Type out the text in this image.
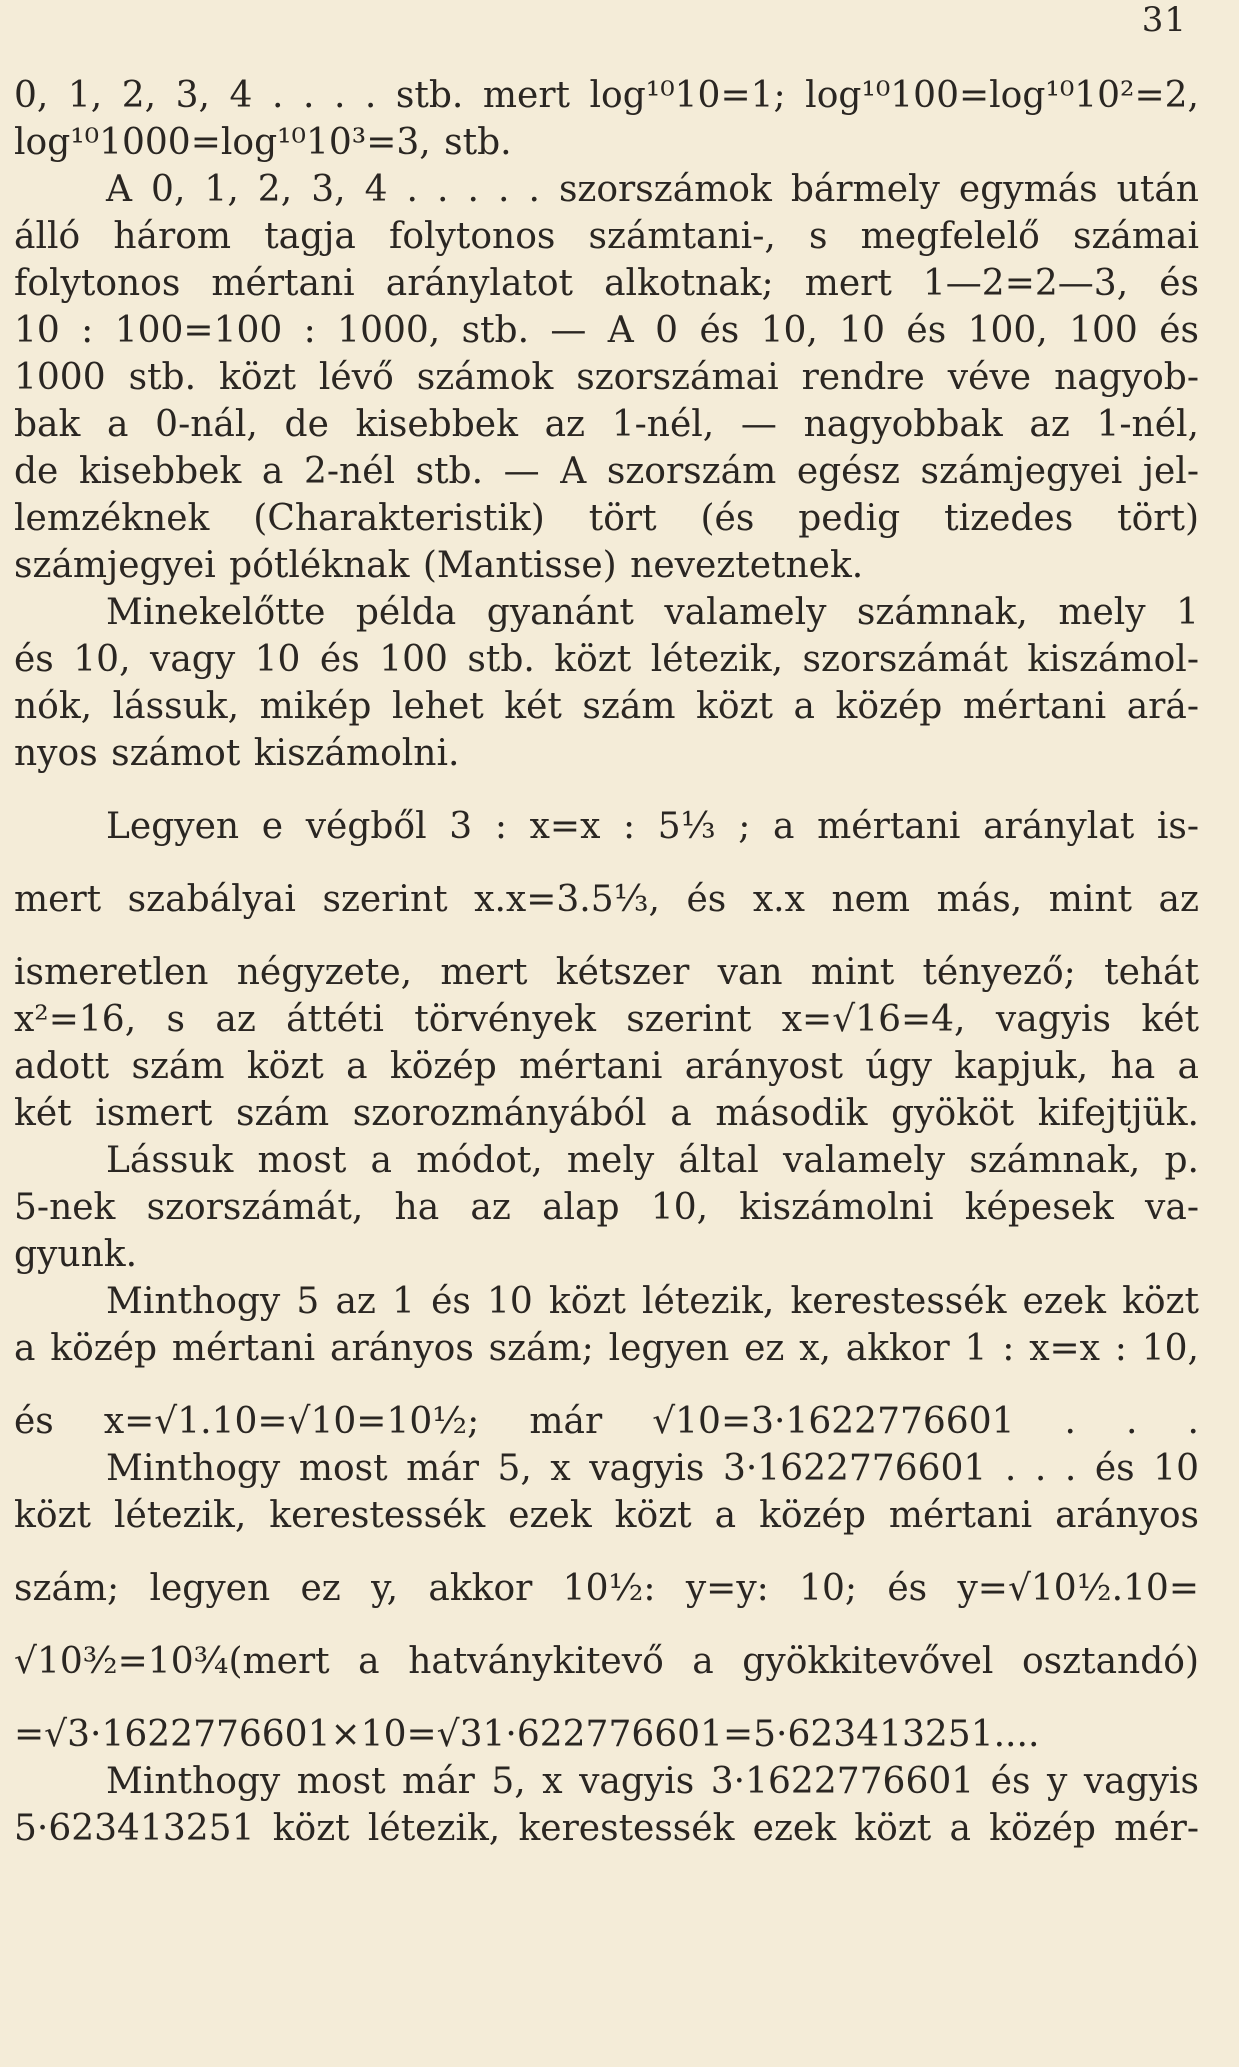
31
0, 1, 2, 3, 4 . . . . stb. mert log¹⁰10=1; log¹⁰100=log¹⁰10²=2,
log¹⁰1000=log¹⁰10³=3, stb.
A 0, 1, 2, 3, 4 . . . . . szorszámok bármely egymás után
álló három tagja folytonos számtani-, s megfelelő számai
folytonos mértani aránylatot alkotnak; mert 1—2=2—3, és
10 : 100=100 : 1000, stb. — A 0 és 10, 10 és 100, 100 és
1000 stb. közt lévő számok szorszámai rendre véve nagyob-
bak a 0-nál, de kisebbek az 1-nél, — nagyobbak az 1-nél,
de kisebbek a 2-nél stb. — A szorszám egész számjegyei jel-
lemzéknek (Charakteristik) tört (és pedig tizedes tört)
számjegyei pótléknak (Mantisse) neveztetnek.
Minekelőtte példa gyanánt valamely számnak, mely 1
és 10, vagy 10 és 100 stb. közt létezik, szorszámát kiszámol-
nók, lássuk, mikép lehet két szám közt a közép mértani ará-
nyos számot kiszámolni.
Legyen e végből 3 : x=x : 5⅓ ; a mértani aránylat is-
mert szabályai szerint x.x=3.5⅓, és x.x nem más, mint az
ismeretlen négyzete, mert kétszer van mint tényező; tehát
x²=16, s az áttéti törvények szerint x=√16=4, vagyis két
adott szám közt a közép mértani arányost úgy kapjuk, ha a
két ismert szám szorozmányából a második gyököt kifejtjük.
Lássuk most a módot, mely által valamely számnak, p.
5-nek szorszámát, ha az alap 10, kiszámolni képesek va-
gyunk.
Minthogy 5 az 1 és 10 közt létezik, kerestessék ezek közt
a közép mértani arányos szám; legyen ez x, akkor 1 : x=x : 10,
és x=√1.10=√10=10½; már √10=3·1622776601 . . .
Minthogy most már 5, x vagyis 3·1622776601 . . . és 10
közt létezik, kerestessék ezek közt a közép mértani arányos
szám; legyen ez y, akkor 10½: y=y: 10; és y=√10½.10=
√10³⁄₂=10³⁄₄(mert a hatványkitevő a gyökkitevővel osztandó)
=√3·1622776601×10=√31·622776601=5·623413251....
Minthogy most már 5, x vagyis 3·1622776601 és y vagyis
5·623413251 közt létezik, kerestessék ezek közt a közép mér-
